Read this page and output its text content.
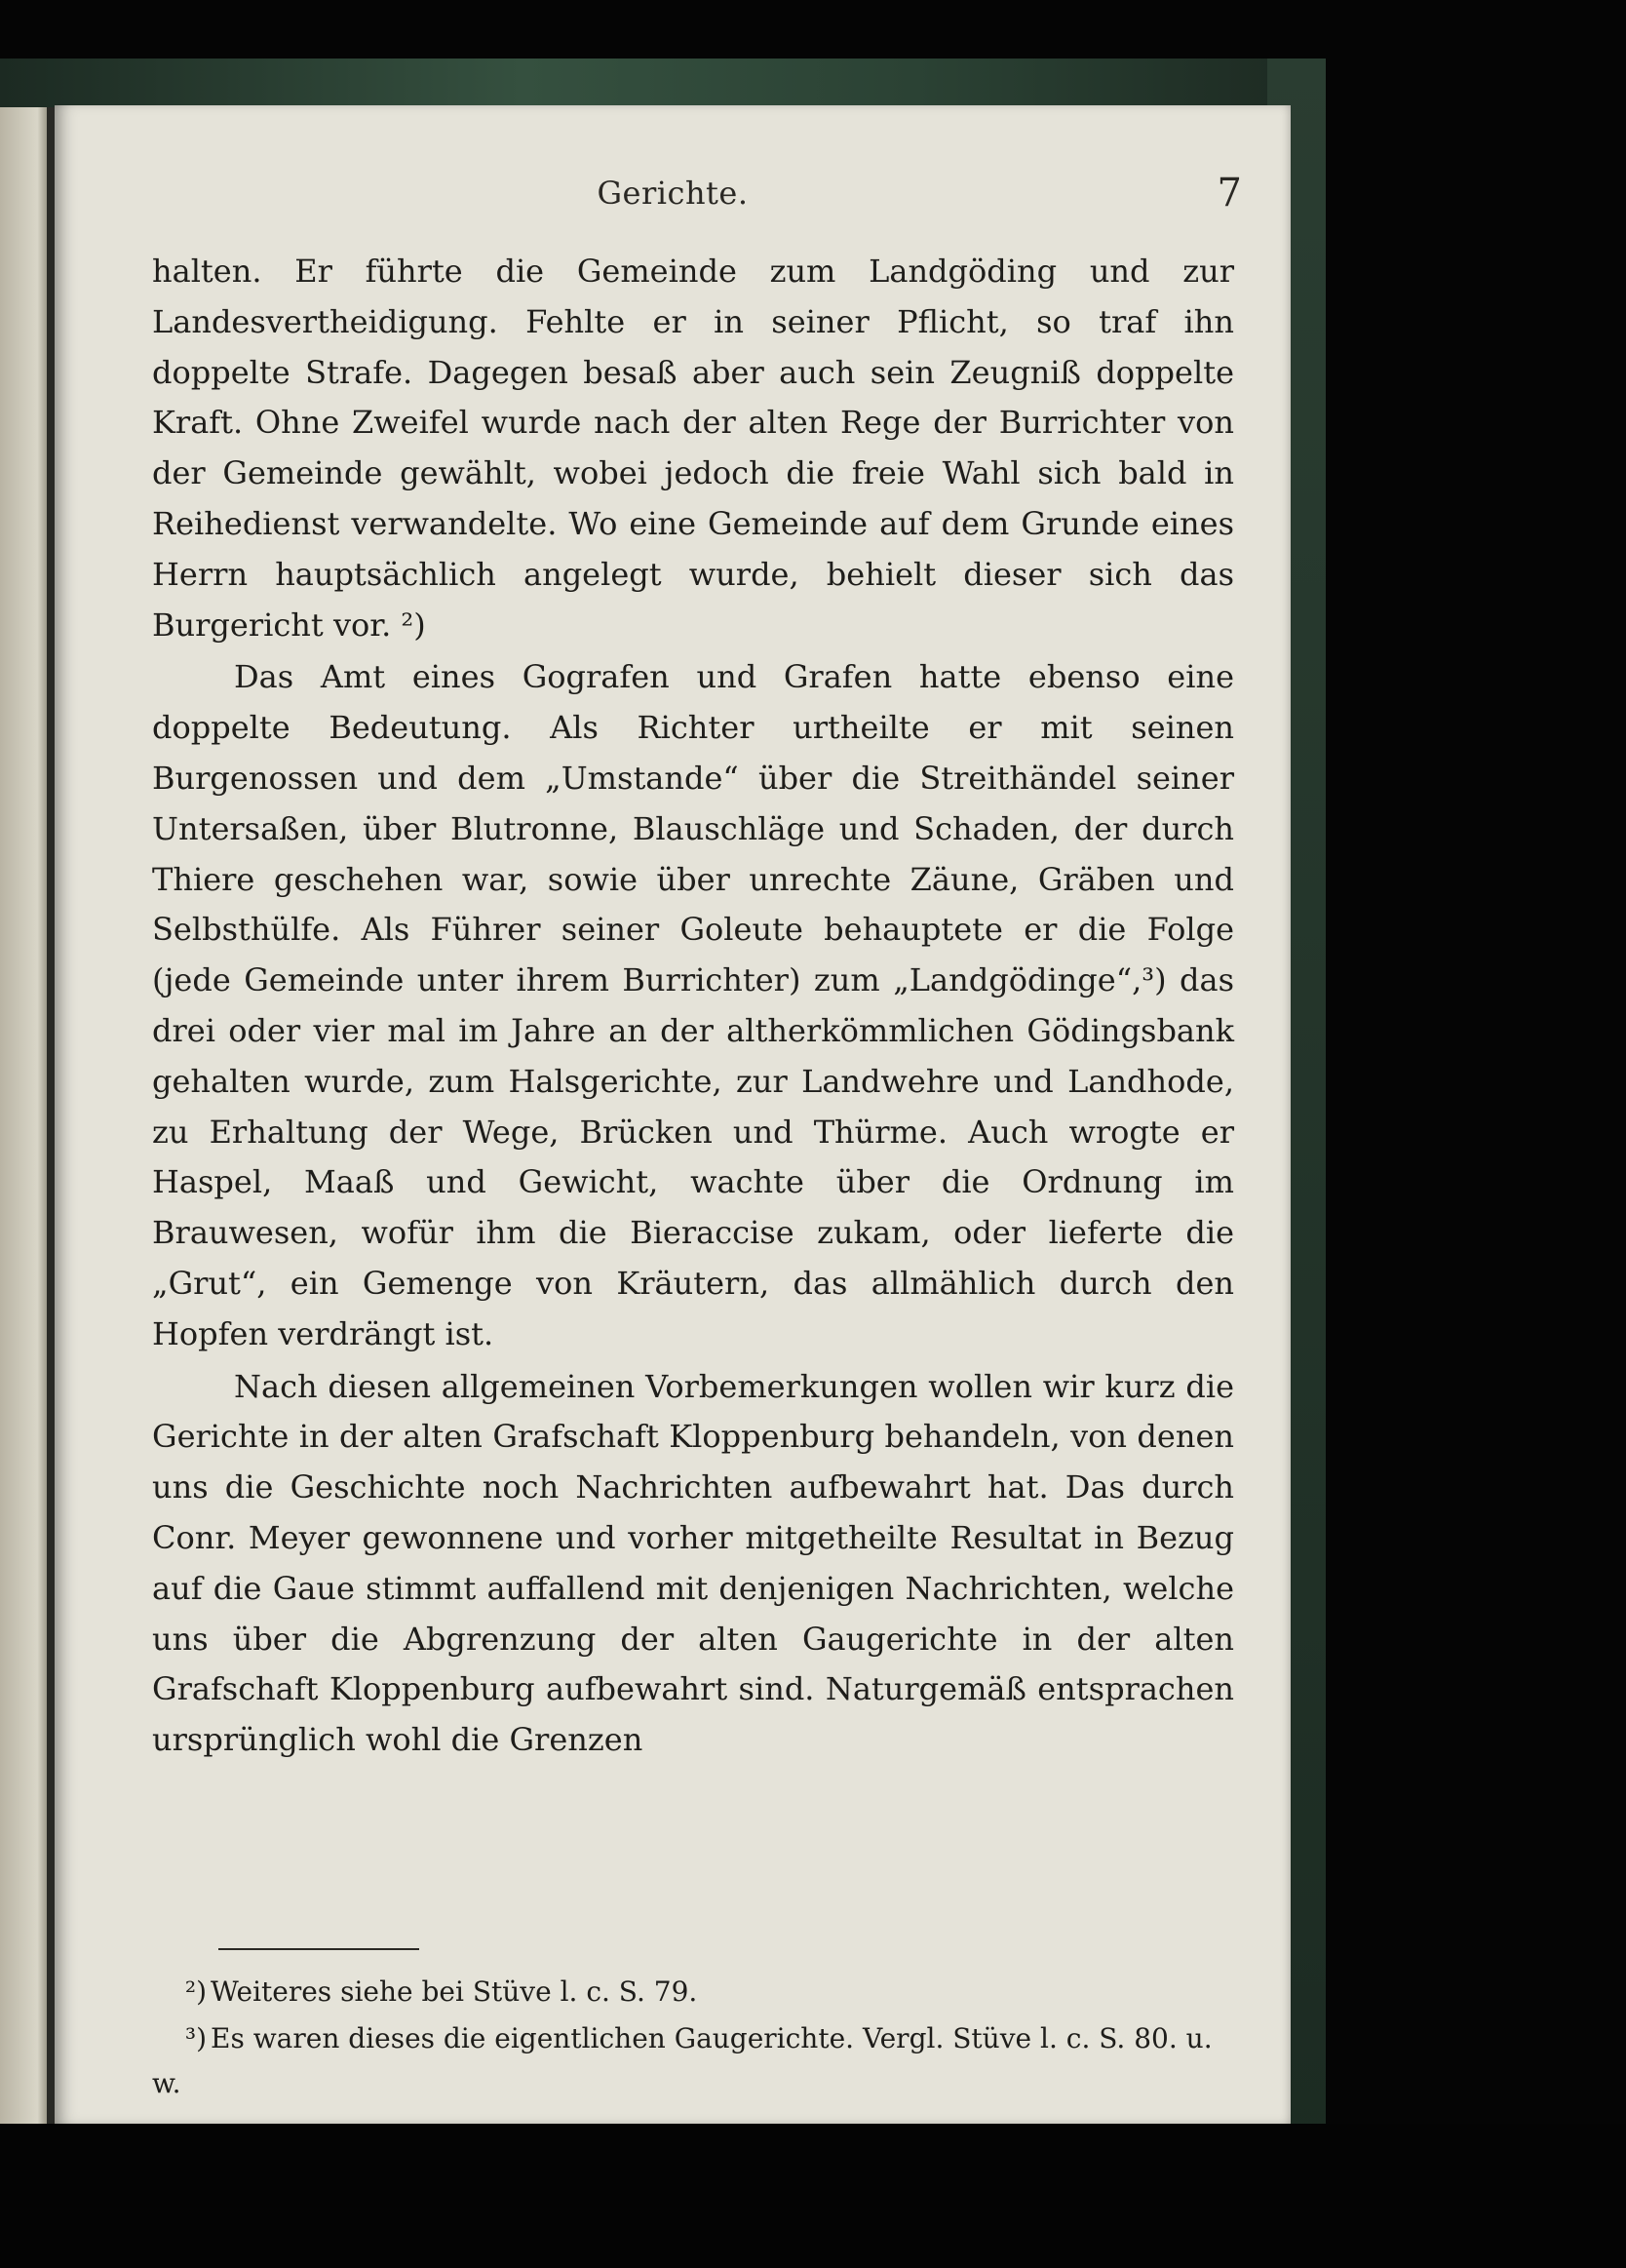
Gerichte.	7

halten. Er führte die Gemeinde zum Landgöding und zur Landesvertheidigung. Fehlte er in seiner Pflicht, so traf ihn doppelte Strafe. Dagegen besaß aber auch sein Zeugniß doppelte Kraft. Ohne Zweifel wurde nach der alten Rege der Burrichter von der Gemeinde gewählt, wobei jedoch die freie Wahl sich bald in Reihedienst verwandelte. Wo eine Gemeinde auf dem Grunde eines Herrn hauptsächlich angelegt wurde, behielt dieser sich das Burgericht vor. ²)

Das Amt eines Gografen und Grafen hatte ebenso eine doppelte Bedeutung. Als Richter urtheilte er mit seinen Burgenossen und dem „Umstande“ über die Streithändel seiner Untersaßen, über Blutronne, Blauschläge und Schaden, der durch Thiere geschehen war, sowie über unrechte Zäune, Gräben und Selbsthülfe. Als Führer seiner Goleute behauptete er die Folge (jede Gemeinde unter ihrem Burrichter) zum „Landgödinge“,³) das drei oder vier mal im Jahre an der altherkömmlichen Gödingsbank gehalten wurde, zum Halsgerichte, zur Landwehre und Landhode, zu Erhaltung der Wege, Brücken und Thürme. Auch wrogte er Haspel, Maaß und Gewicht, wachte über die Ordnung im Brauwesen, wofür ihm die Bieraccise zukam, oder lieferte die „Grut“, ein Gemenge von Kräutern, das allmählich durch den Hopfen verdrängt ist.

Nach diesen allgemeinen Vorbemerkungen wollen wir kurz die Gerichte in der alten Grafschaft Kloppenburg behandeln, von denen uns die Geschichte noch Nachrichten aufbewahrt hat. Das durch Conr. Meyer gewonnene und vorher mitgetheilte Resultat in Bezug auf die Gaue stimmt auffallend mit denjenigen Nachrichten, welche uns über die Abgrenzung der alten Gaugerichte in der alten Grafschaft Kloppenburg aufbewahrt sind. Naturgemäß entsprachen ursprünglich wohl die Grenzen

²) Weiteres siehe bei Stüve l. c. S. 79.

³) Es waren dieses die eigentlichen Gaugerichte. Vergl. Stüve l. c. S. 80. u. w.
